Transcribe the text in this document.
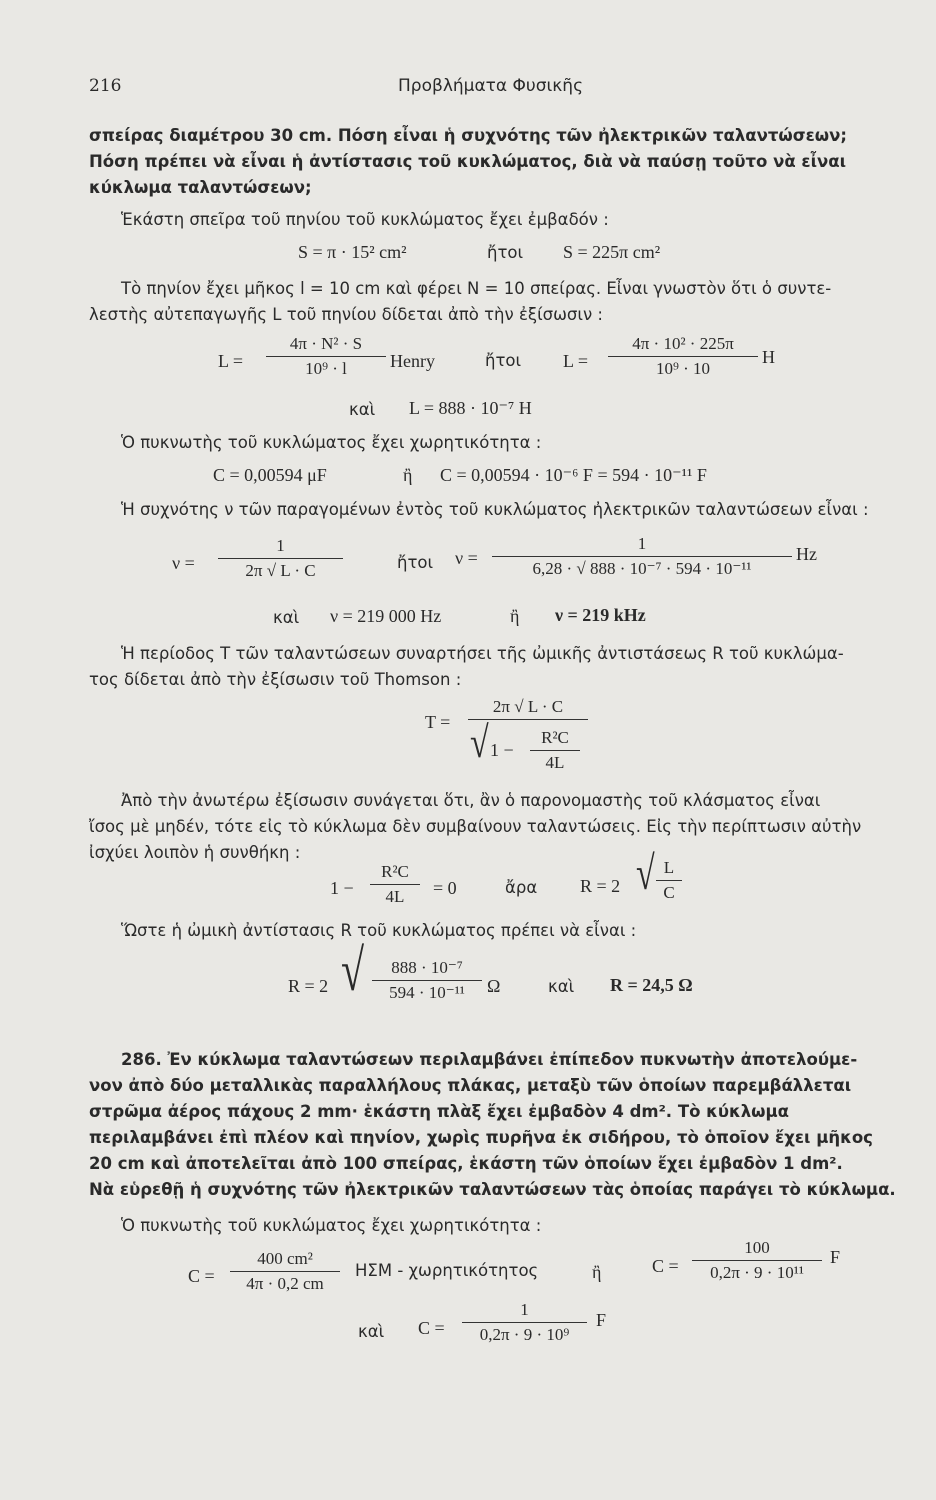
216	Προβλήματα Φυσικῆς
σπείρας διαμέτρου 30 cm. Πόση εἶναι ἡ συχνότης τῶν ἠλεκτρικῶν ταλαντώσεων;
Πόση πρέπει νὰ εἶναι ἡ ἀντίστασις τοῦ κυκλώματος, διὰ νὰ παύσῃ τοῦτο νὰ εἶναι
κύκλωμα ταλαντώσεων;
Ἑκάστη σπεῖρα τοῦ πηνίου τοῦ κυκλώματος ἔχει ἐμβαδόν :
S = π · 15² cm²	ἤτοι S = 225π cm²
Τὸ πηνίον ἔχει μῆκος l = 10 cm καὶ φέρει N = 10 σπείρας. Εἶναι γνωστὸν ὅτι ὁ συντε-
λεστὴς αὐτεπαγωγῆς L τοῦ πηνίου δίδεται ἀπὸ τὴν ἐξίσωσιν :
L =
4π · N² · S
10⁹ · l	Henry	ἤτοι L =
4π · 10² · 225π
10⁹ · 10
H
καὶ L = 888 · 10⁻⁷ H
Ὁ πυκνωτὴς τοῦ κυκλώματος ἔχει χωρητικότητα :
C = 0,00594 μF	ἢ C = 0,00594 · 10⁻⁶ F = 594 · 10⁻¹¹ F
Ἡ συχνότης ν τῶν παραγομένων ἐντὸς τοῦ κυκλώματος ἠλεκτρικῶν ταλαντώσεων εἶναι :
ν =
1
2π √ L · C	ἤτοι ν =
1
6,28 · √ 888 · 10⁻⁷ · 594 · 10⁻¹¹
Hz
καὶ ν = 219 000 Hz	ἢ ν = 219 kHz
Ἡ περίοδος T τῶν ταλαντώσεων συναρτήσει τῆς ὠμικῆς ἀντιστάσεως R τοῦ κυκλώμα-
τος δίδεται ἀπὸ τὴν ἐξίσωσιν τοῦ Thomson :
T =
2π √ L · C
√ 1 −
R²C
4L
Ἀπὸ τὴν ἀνωτέρω ἐξίσωσιν συνάγεται ὅτι, ἂν ὁ παρονομαστὴς τοῦ κλάσματος εἶναι
ἴσος μὲ μηδέν, τότε εἰς τὸ κύκλωμα δὲν συμβαίνουν ταλαντώσεις. Εἰς τὴν περίπτωσιν αὐτὴν
ἰσχύει λοιπὸν ἡ συνθήκη :
1 −
R²C
4L	= 0	ἄρα R = 2 √ L
C
Ὥστε ἡ ὠμικὴ ἀντίστασις R τοῦ κυκλώματος πρέπει νὰ εἶναι :
R = 2 √	888 · 10⁻⁷
594 · 10⁻¹¹	Ω	καὶ R = 24,5 Ω
286. Ἐν κύκλωμα ταλαντώσεων περιλαμβάνει ἐπίπεδον πυκνωτὴν ἀποτελούμε-
νον ἀπὸ δύο μεταλλικὰς παραλλήλους πλάκας, μεταξὺ τῶν ὁποίων παρεμβάλλεται
στρῶμα ἀέρος πάχους 2 mm· ἑκάστη πλὰξ ἔχει ἐμβαδὸν 4 dm². Τὸ κύκλωμα
περιλαμβάνει ἐπὶ πλέον καὶ πηνίον, χωρὶς πυρῆνα ἐκ σιδήρου, τὸ ὁποῖον ἔχει μῆκος
20 cm καὶ ἀποτελεῖται ἀπὸ 100 σπείρας, ἑκάστη τῶν ὁποίων ἔχει ἐμβαδὸν 1 dm².
Νὰ εὑρεθῇ ἡ συχνότης τῶν ἠλεκτρικῶν ταλαντώσεων τὰς ὁποίας παράγει τὸ κύκλωμα.
Ὁ πυκνωτὴς τοῦ κυκλώματος ἔχει χωρητικότητα :
C =
400 cm²
4π · 0,2 cm
ΗΣΜ - χωρητικότητος	ἢ	C =
100
0,2π · 9 · 10¹¹
F
καὶ C =
1
0,2π · 9 · 10⁹
F
